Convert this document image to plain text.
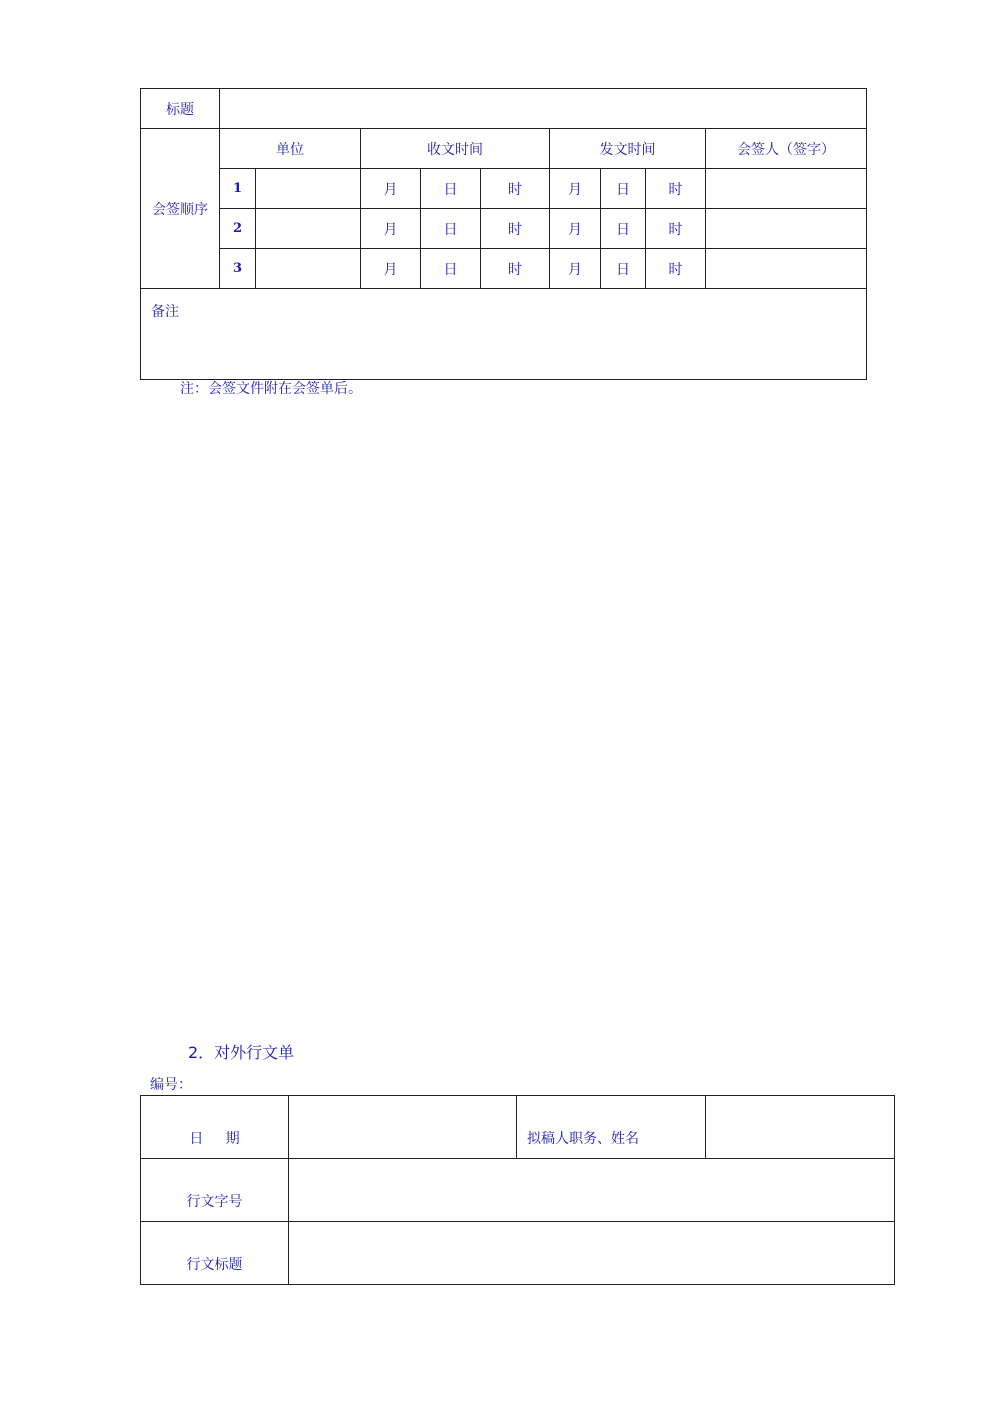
标题									
会签顺序	单位		收文时间			发文时间			会签人（签字）
	1		月	日	时	月	日	时	
	2		月	日	时	月	日	时	
	3		月	日	时	月	日	时	
备注									
注：会签文件附在会签单后。
2．对外行文单
编号：
日     期		拟稿人职务、姓名	
行文字号			
行文标题			
